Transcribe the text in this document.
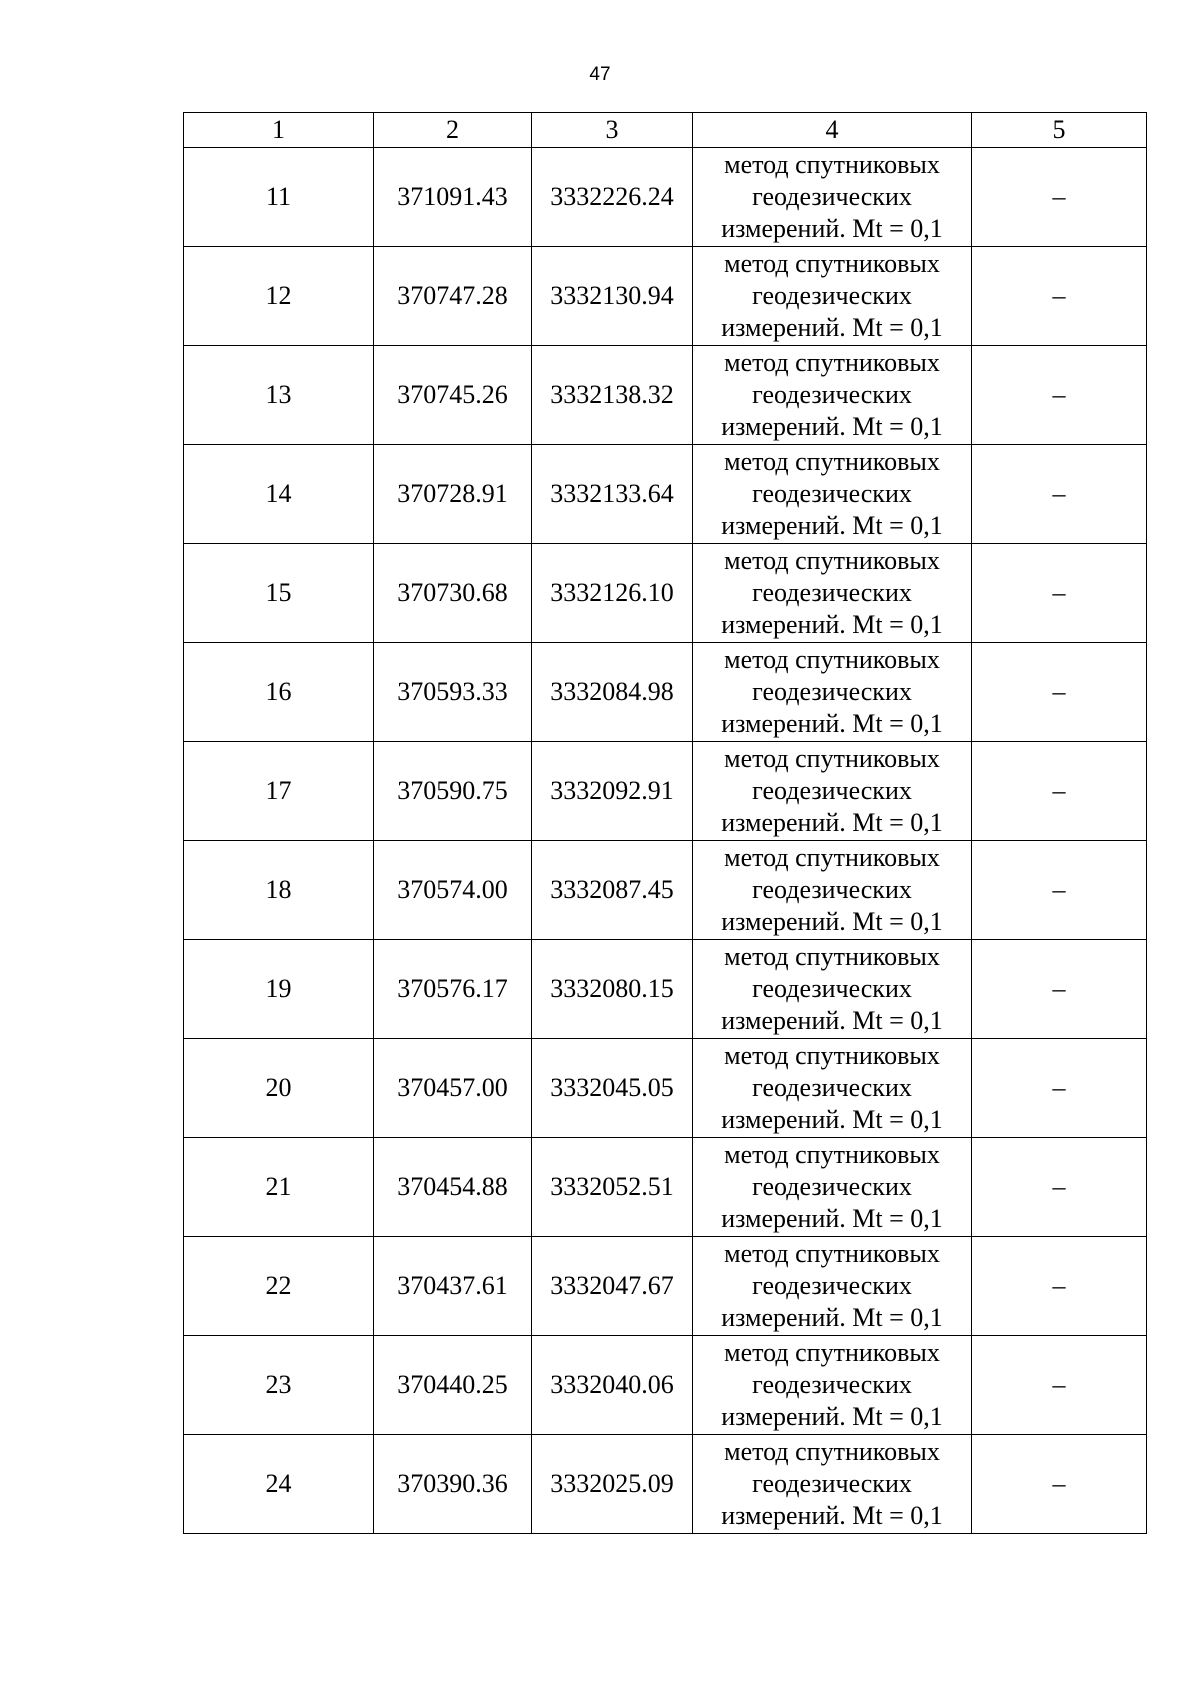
47
1	2	3	4	5
11	371091.43	3332226.24	метод спутниковых
геодезических
измерений. Mt = 0,1	–
12	370747.28	3332130.94	метод спутниковых
геодезических
измерений. Mt = 0,1	–
13	370745.26	3332138.32	метод спутниковых
геодезических
измерений. Mt = 0,1	–
14	370728.91	3332133.64	метод спутниковых
геодезических
измерений. Mt = 0,1	–
15	370730.68	3332126.10	метод спутниковых
геодезических
измерений. Mt = 0,1	–
16	370593.33	3332084.98	метод спутниковых
геодезических
измерений. Mt = 0,1	–
17	370590.75	3332092.91	метод спутниковых
геодезических
измерений. Mt = 0,1	–
18	370574.00	3332087.45	метод спутниковых
геодезических
измерений. Mt = 0,1	–
19	370576.17	3332080.15	метод спутниковых
геодезических
измерений. Mt = 0,1	–
20	370457.00	3332045.05	метод спутниковых
геодезических
измерений. Mt = 0,1	–
21	370454.88	3332052.51	метод спутниковых
геодезических
измерений. Mt = 0,1	–
22	370437.61	3332047.67	метод спутниковых
геодезических
измерений. Mt = 0,1	–
23	370440.25	3332040.06	метод спутниковых
геодезических
измерений. Mt = 0,1	–
24	370390.36	3332025.09	метод спутниковых
геодезических
измерений. Mt = 0,1	–
